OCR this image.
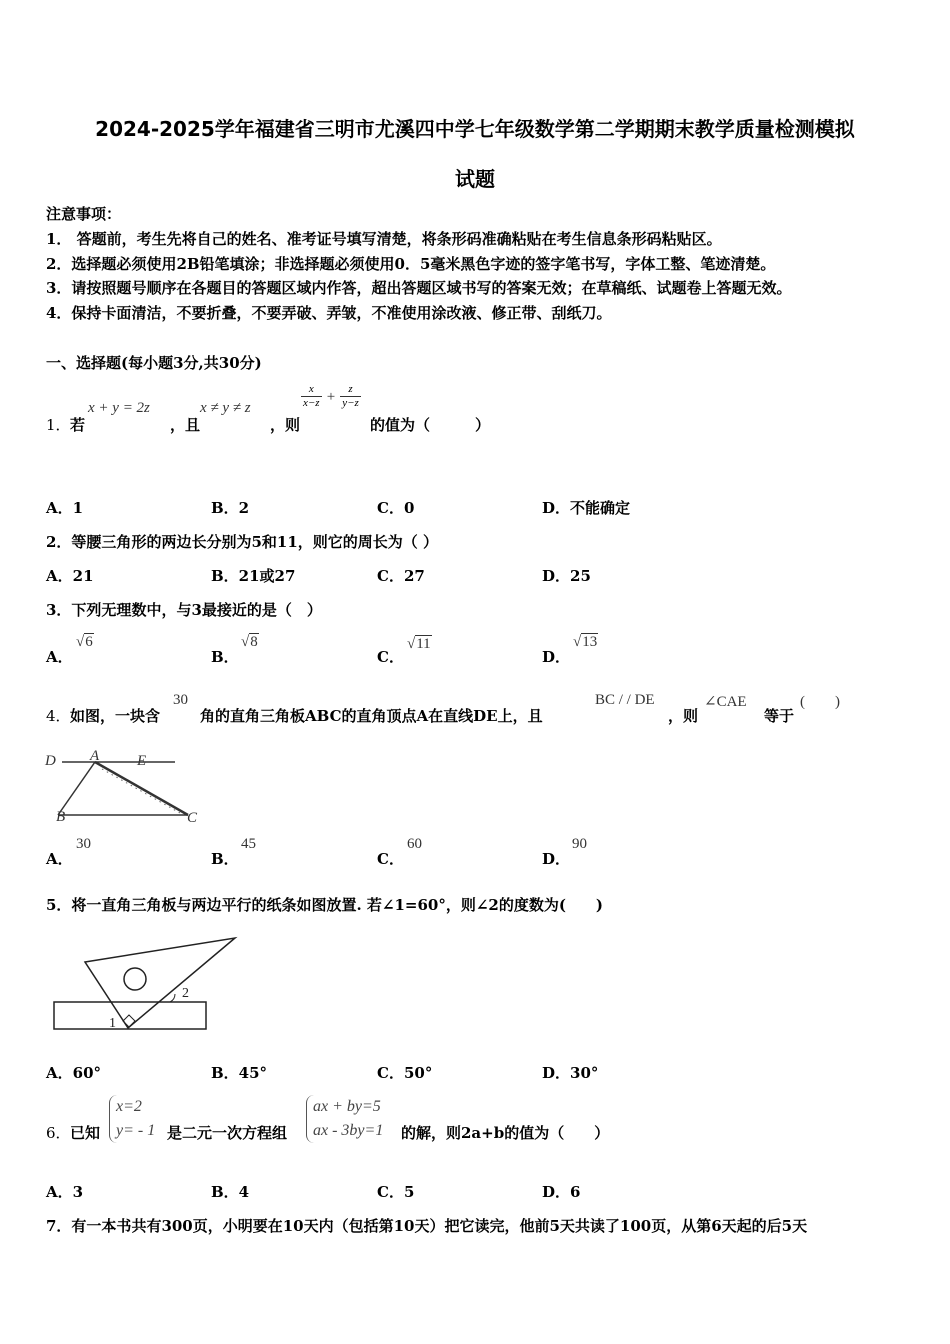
2024-2025学年福建省三明市尤溪四中学七年级数学第二学期期末教学质量检测模拟
试题
注意事项：
1． 答题前，考生先将自己的姓名、准考证号填写清楚，将条形码准确粘贴在考生信息条形码粘贴区。
2．选择题必须使用2B铅笔填涂；非选择题必须使用0．5毫米黑色字迹的签字笔书写，字体工整、笔迹清楚。
3．请按照题号顺序在各题目的答题区域内作答，超出答题区域书写的答案无效；在草稿纸、试题卷上答题无效。
4．保持卡面清洁，不要折叠，不要弄破、弄皱，不准使用涂改液、修正带、刮纸刀。
一、选择题(每小题3分,共30分)
1． 若
x + y = 2z
，且
x ≠ y ≠ z
，则
$\frac{x}{x-z} + \frac{z}{y-z}$
的值为（　　　）
A．1	B．2	C．0	D．不能确定
2．等腰三角形的两边长分别为5和11，则它的周长为（ ）
A．21	B．21或27	C．27	D．25
3．下列无理数中，与3最接近的是（　）
A．
√6
B．
√8
C．
√11
D．
√13
4． 如图，一块含
30
角的直角三角板ABC的直角顶点A在直线DE上，且
BC / / DE
，则
∠CAE
等于
(　　)
D A	E
B	C
A．
30
B．
45
C．
60
D．
90
5．将一直角三角板与两边平行的纸条如图放置. 若∠1=60°，则∠2的度数为(　　)
2
1
A．60°	B．45°	C．50°	D．30°
6． 已知
x=2
y= - 1 是二元一次方程组
ax + by=5
ax - 3by=1 的解，则2a+b的值为（　　）
A．3	B．4	C．5	D．6
7．有一本书共有300页，小明要在10天内（包括第10天）把它读完，他前5天共读了100页，从第6天起的后5天
